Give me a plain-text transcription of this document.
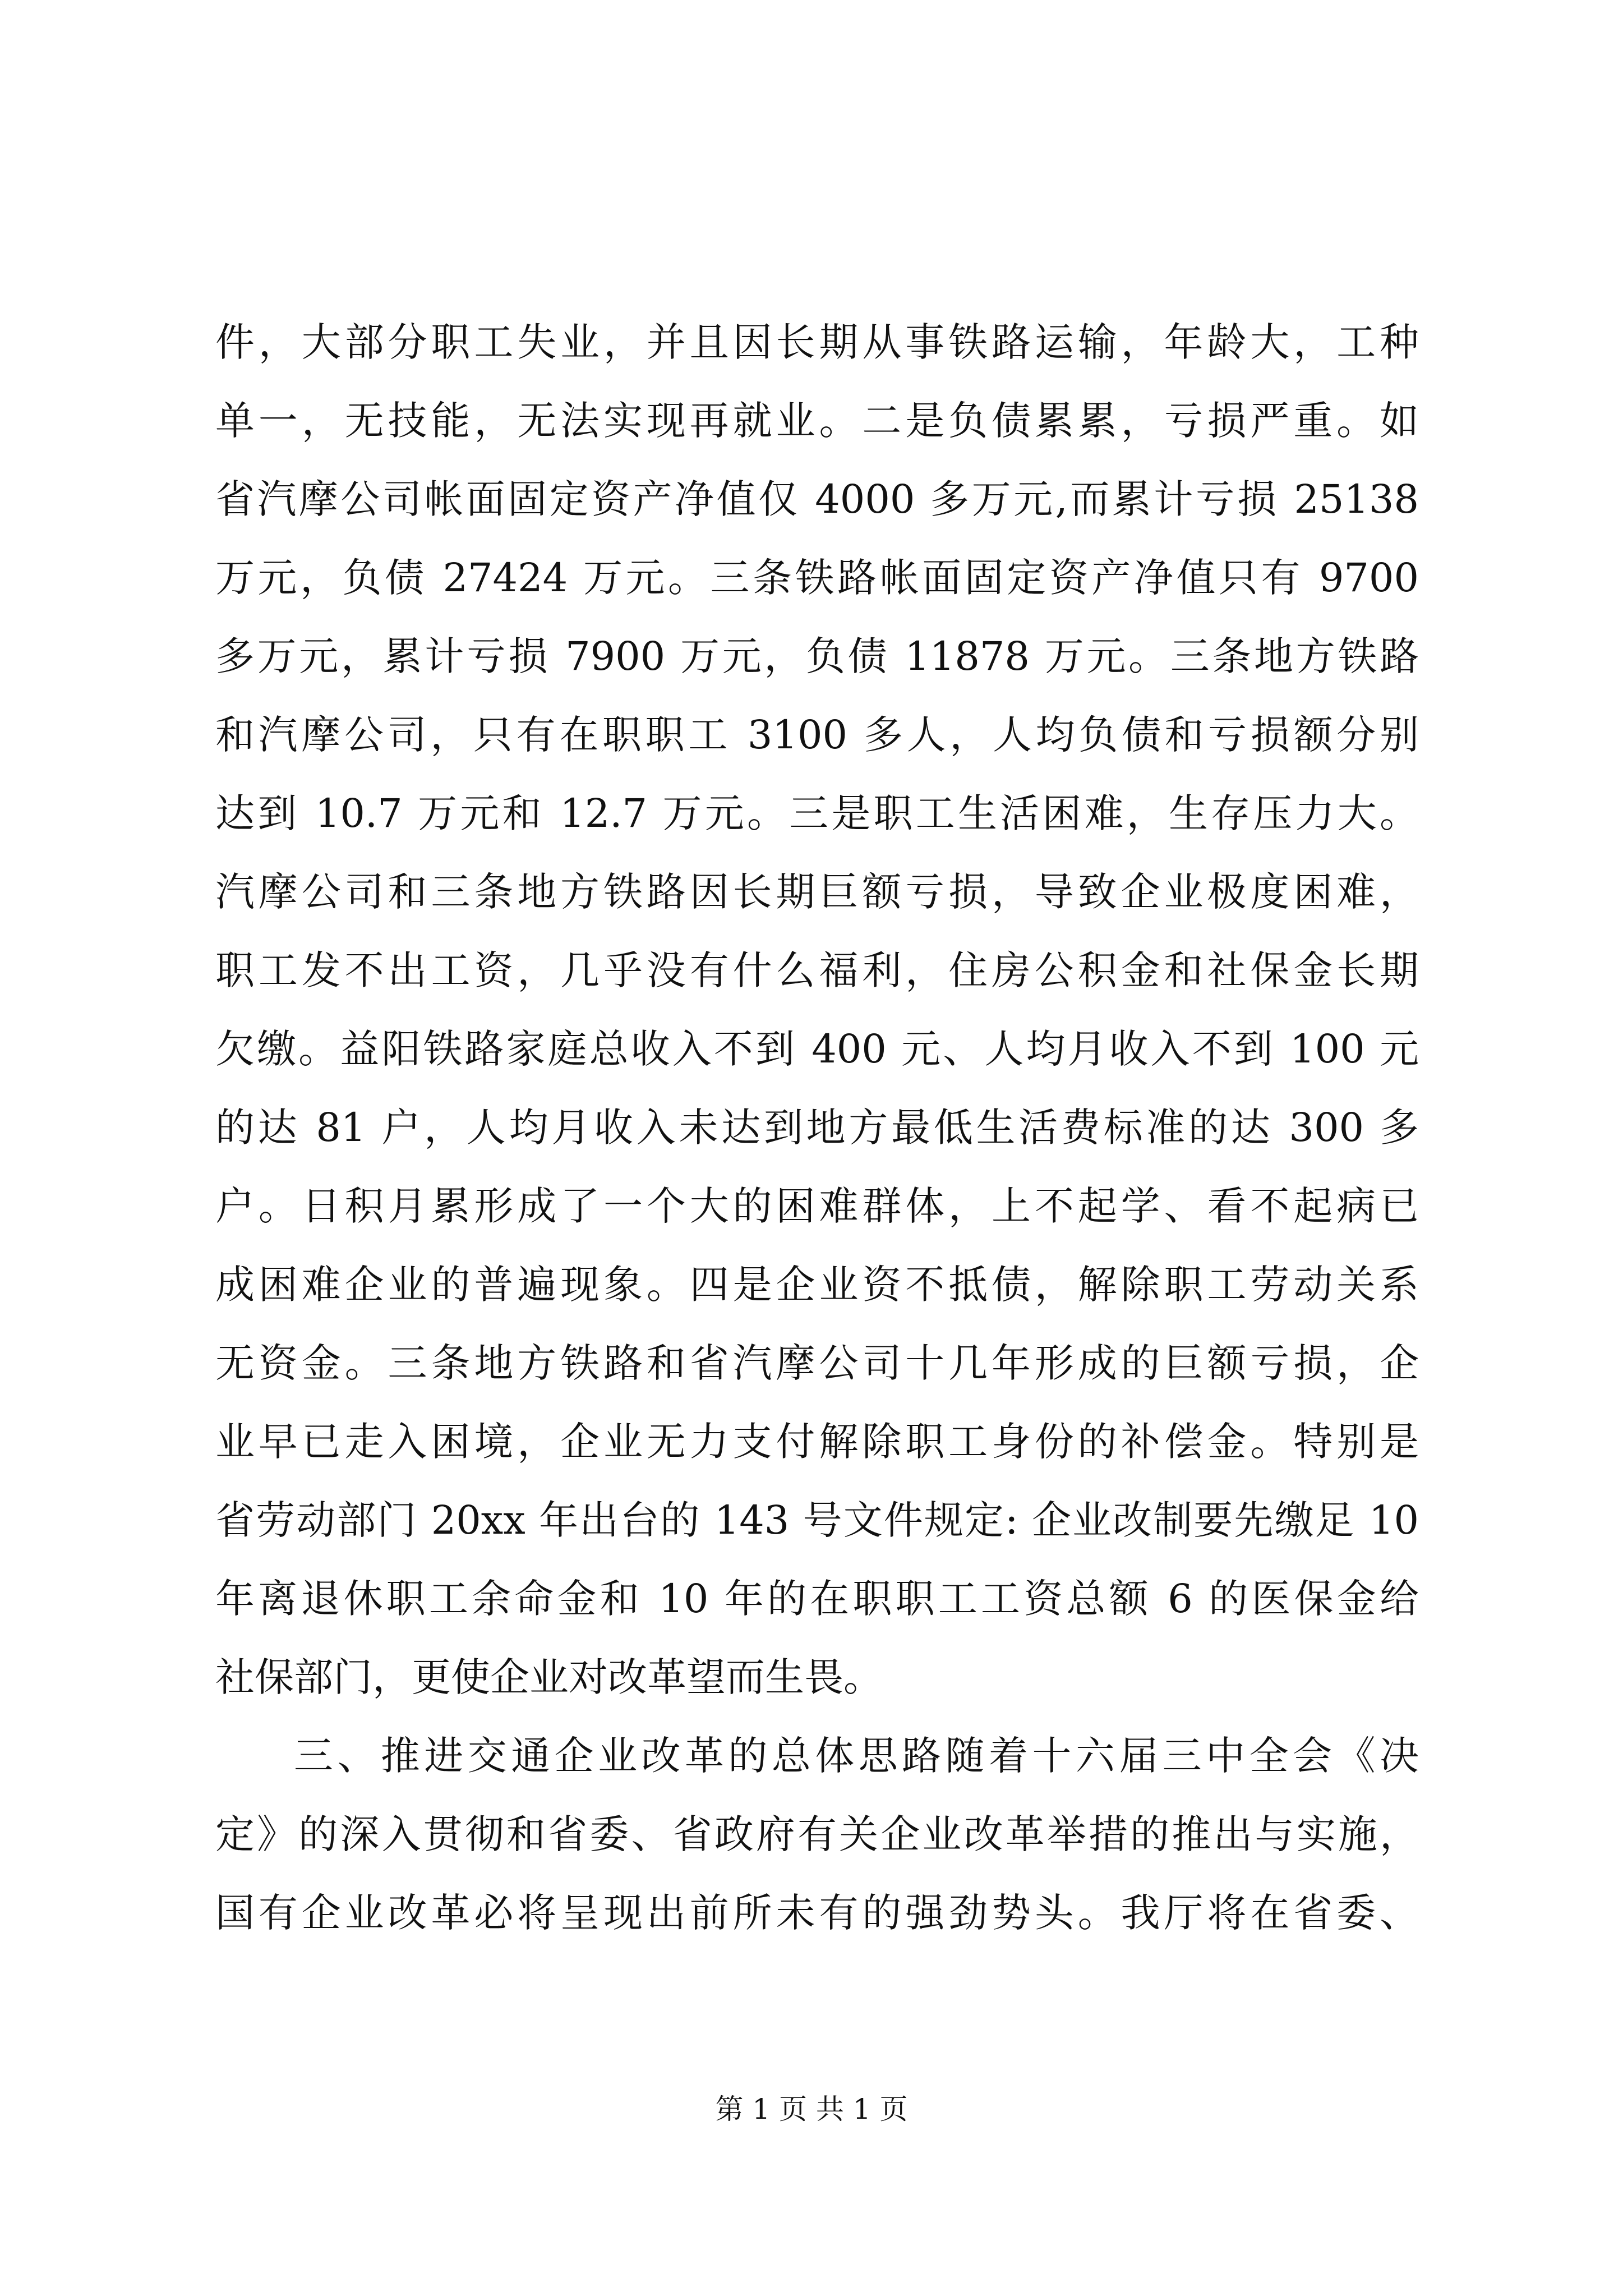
件，大部分职工失业，并且因长期从事铁路运输，年龄大，工种
单一，无技能，无法实现再就业。二是负债累累，亏损严重。如
省汽摩公司帐面固定资产净值仅 4000 多万元,而累计亏损 25138
万元，负债 27424 万元。三条铁路帐面固定资产净值只有 9700
多万元，累计亏损 7900 万元，负债 11878 万元。三条地方铁路
和汽摩公司，只有在职职工 3100 多人，人均负债和亏损额分别
达到 10.7 万元和 12.7 万元。三是职工生活困难，生存压力大。
汽摩公司和三条地方铁路因长期巨额亏损，导致企业极度困难，
职工发不出工资，几乎没有什么福利，住房公积金和社保金长期
欠缴。益阳铁路家庭总收入不到 400 元、人均月收入不到 100 元
的达 81 户，人均月收入未达到地方最低生活费标准的达 300 多
户。日积月累形成了一个大的困难群体，上不起学、看不起病已
成困难企业的普遍现象。四是企业资不抵债，解除职工劳动关系
无资金。三条地方铁路和省汽摩公司十几年形成的巨额亏损，企
业早已走入困境，企业无力支付解除职工身份的补偿金。特别是
省劳动部门 20xx 年出台的 143 号文件规定: 企业改制要先缴足 10
年离退休职工余命金和 10 年的在职职工工资总额 6 的医保金给
社保部门，更使企业对改革望而生畏。
三、推进交通企业改革的总体思路随着十六届三中全会《决
定》的深入贯彻和省委、省政府有关企业改革举措的推出与实施，
国有企业改革必将呈现出前所未有的强劲势头。我厅将在省委、
第 1 页 共 1 页
